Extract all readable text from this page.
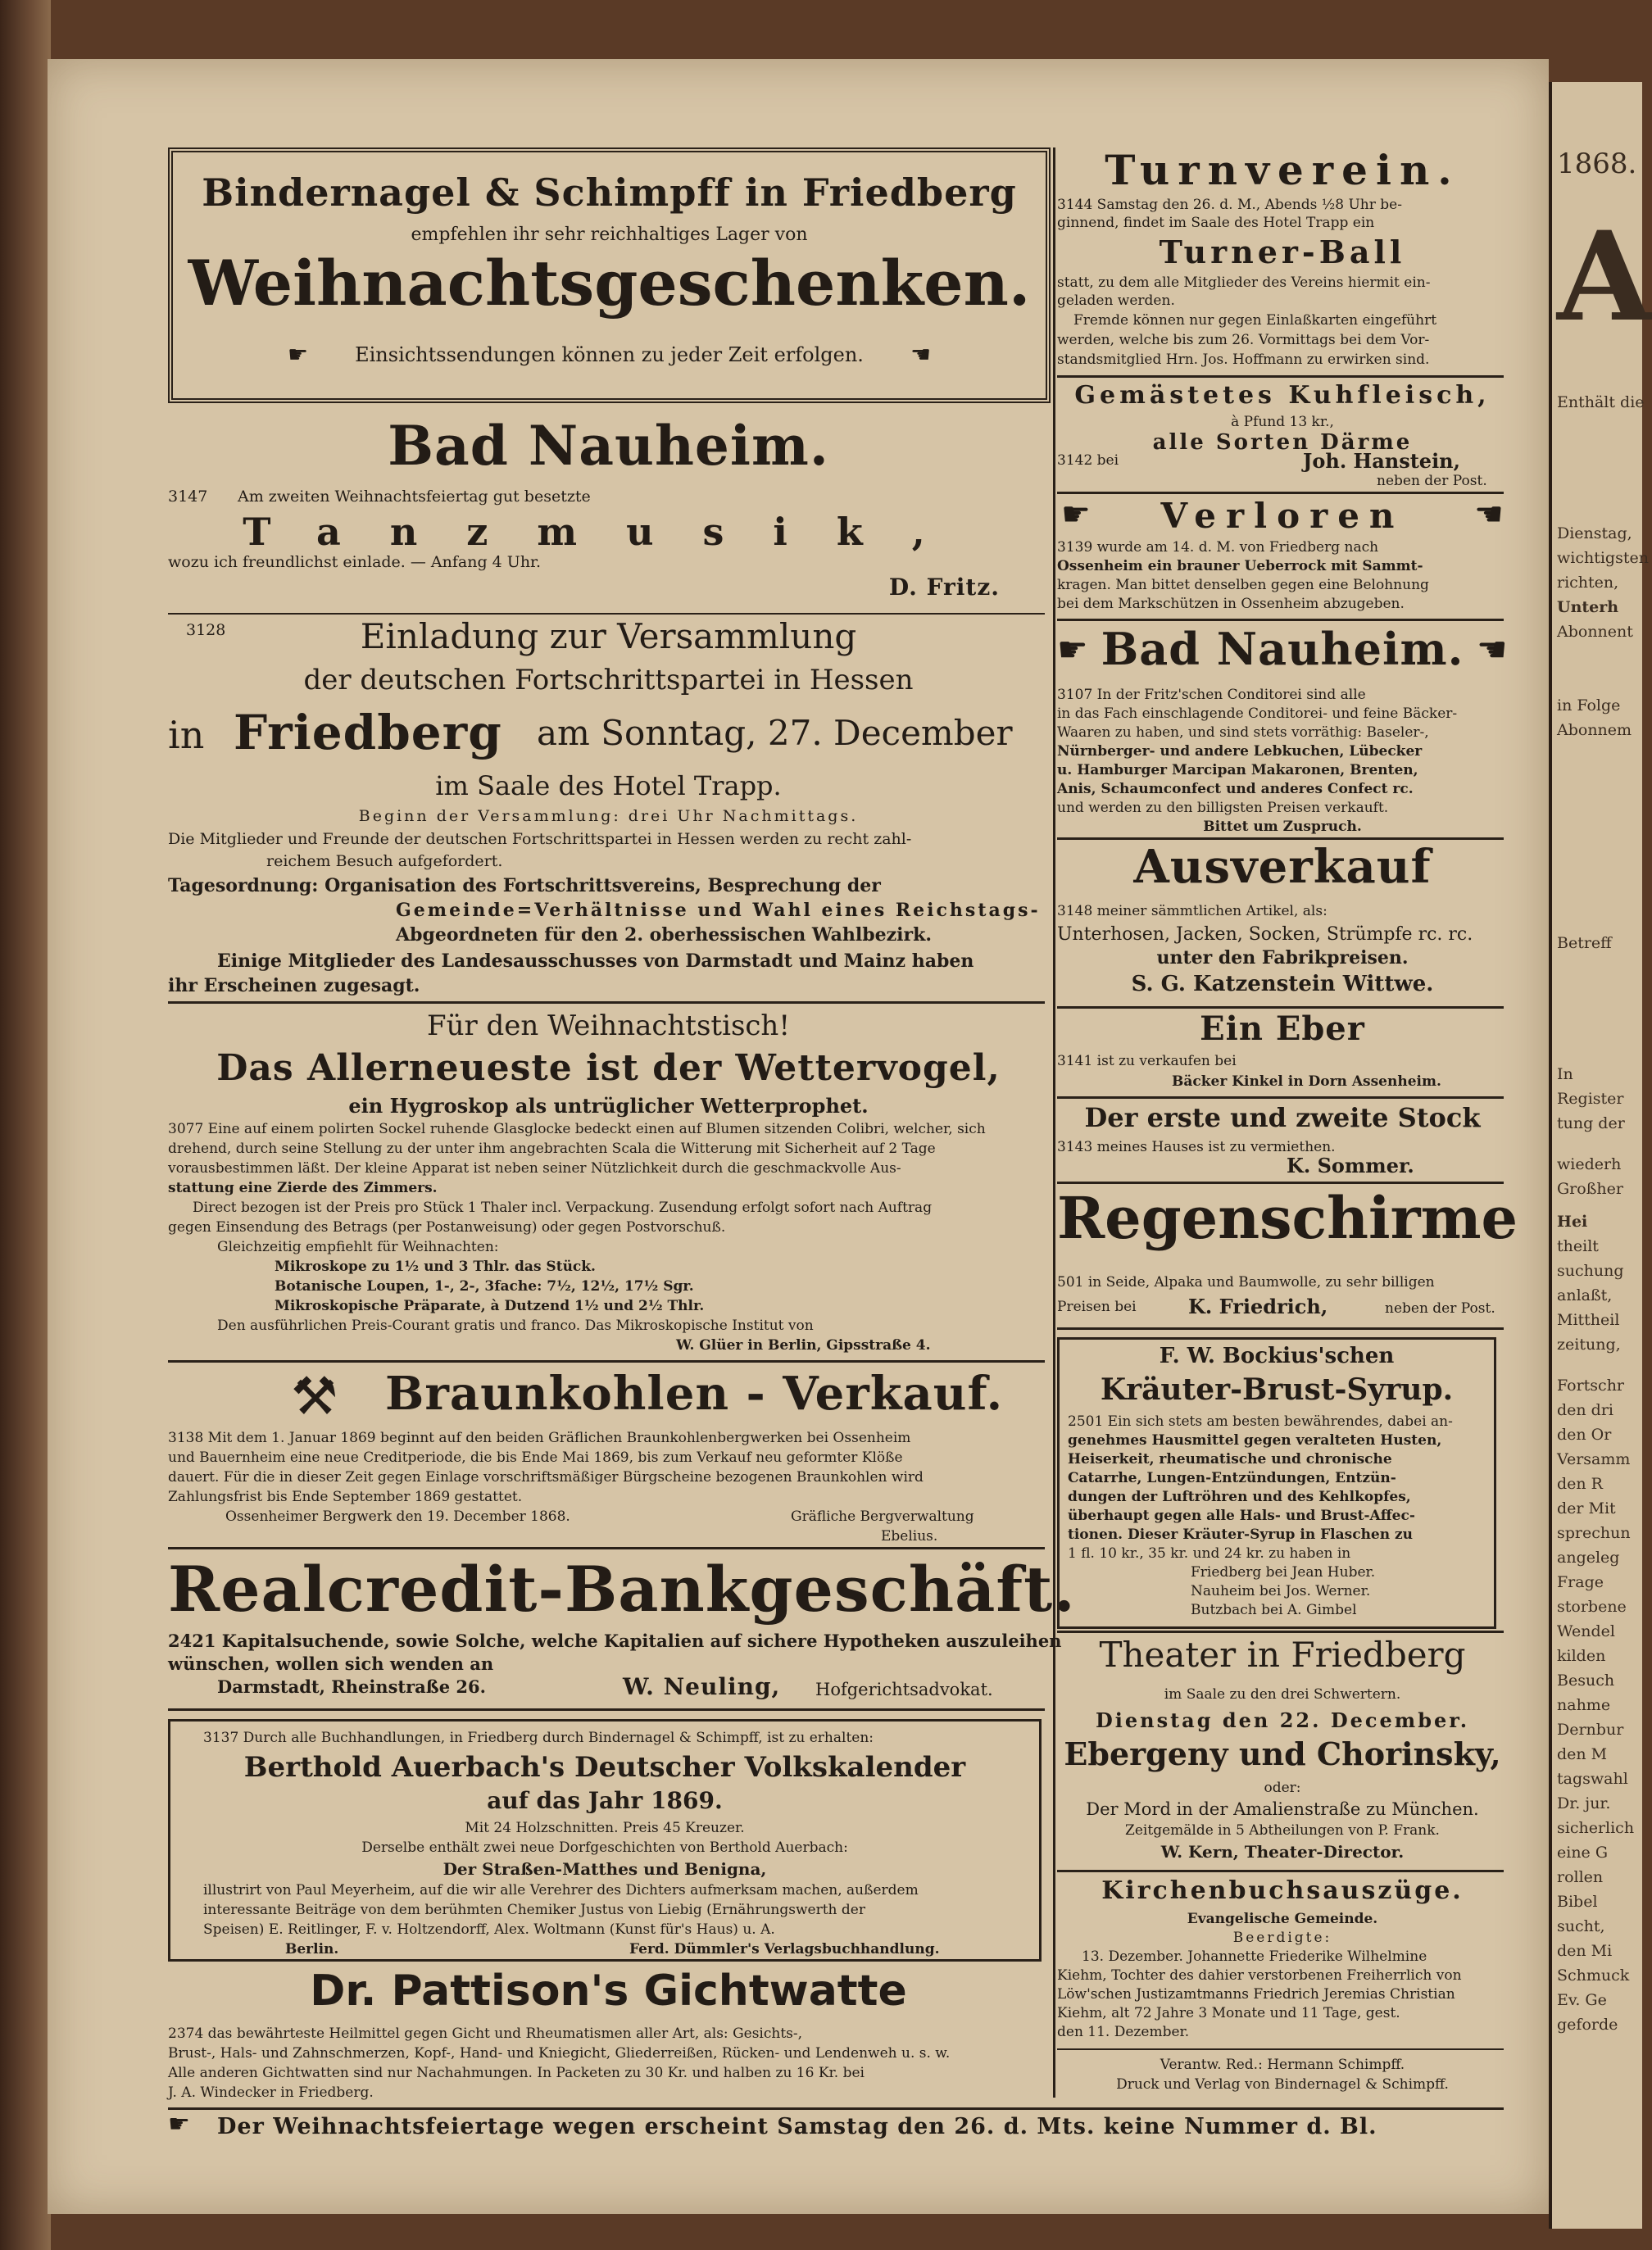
1868.
A
Enthält die
Dienstag,
wichtigsten
richten,
Unterh
Abonnent
in Folge
Abonnem
Betreff
In
Register
tung der
wiederh
Großher
Hei
theilt
suchung
anlaßt,
Mittheil
zeitung,
Fortschr
den dri
den Or
Versamm
den R
der Mit
sprechun
angeleg
Frage
storbene
Wendel
kilden
Besuch
nahme
Dernbur
den M
tagswahl
Dr. jur.
sicherlich
eine G
rollen
Bibel
sucht,
den Mi
Schmuck
Ev. Ge
geforde
Bindernagel & Schimpff in Friedberg
empfehlen ihr sehr reichhaltiges Lager von
Weihnachtsgeschenken.
☛	Einsichtssendungen können zu jeder Zeit erfolgen.	☛
Bad Nauheim.
3147 Am zweiten Weihnachtsfeiertag gut besetzte
Tanzmusik,
wozu ich freundlichst einlade. — Anfang 4 Uhr.
D. Fritz.
3128	Einladung zur Versammlung
der deutschen Fortschrittspartei in Hessen
in Friedberg am Sonntag, 27. December
im Saale des Hotel Trapp.
Beginn der Versammlung: drei Uhr Nachmittags.
Die Mitglieder und Freunde der deutschen Fortschrittspartei in Hessen werden zu recht zahl-
reichem Besuch aufgefordert.
Tagesordnung: Organisation des Fortschrittsvereins, Besprechung der
Gemeinde=Verhältnisse und Wahl eines Reichstags-
Abgeordneten für den 2. oberhessischen Wahlbezirk.
Einige Mitglieder des Landesausschusses von Darmstadt und Mainz haben
ihr Erscheinen zugesagt.
Für den Weihnachtstisch!
Das Allerneueste ist der Wettervogel,
ein Hygroskop als untrüglicher Wetterprophet.
3077 Eine auf einem polirten Sockel ruhende Glasglocke bedeckt einen auf Blumen sitzenden Colibri, welcher, sich
drehend, durch seine Stellung zu der unter ihm angebrachten Scala die Witterung mit Sicherheit auf 2 Tage
vorausbestimmen läßt. Der kleine Apparat ist neben seiner Nützlichkeit durch die geschmackvolle Aus-
stattung eine Zierde des Zimmers.
Direct bezogen ist der Preis pro Stück 1 Thaler incl. Verpackung. Zusendung erfolgt sofort nach Auftrag
gegen Einsendung des Betrags (per Postanweisung) oder gegen Postvorschuß.
Gleichzeitig empfiehlt für Weihnachten:
Mikroskope zu 1½ und 3 Thlr. das Stück.
Botanische Loupen, 1-, 2-, 3fache: 7½, 12½, 17½ Sgr.
Mikroskopische Präparate, à Dutzend 1½ und 2½ Thlr.
Den ausführlichen Preis-Courant gratis und franco. Das Mikroskopische Institut von
W. Glüer in Berlin, Gipsstraße 4.
⚒ Braunkohlen - Verkauf.
3138 Mit dem 1. Januar 1869 beginnt auf den beiden Gräflichen Braunkohlenbergwerken bei Ossenheim
und Bauernheim eine neue Creditperiode, die bis Ende Mai 1869, bis zum Verkauf neu geformter Klöße
dauert. Für die in dieser Zeit gegen Einlage vorschriftsmäßiger Bürgscheine bezogenen Braunkohlen wird
Zahlungsfrist bis Ende September 1869 gestattet.
Ossenheimer Bergwerk den 19. December 1868.	Gräfliche Bergverwaltung
Ebelius.
Realcredit-Bankgeschäft.
2421 Kapitalsuchende, sowie Solche, welche Kapitalien auf sichere Hypotheken auszuleihen
wünschen, wollen sich wenden an
Darmstadt, Rheinstraße 26.	W. Neuling, Hofgerichtsadvokat.
3137 Durch alle Buchhandlungen, in Friedberg durch Bindernagel & Schimpff, ist zu erhalten:
Berthold Auerbach's Deutscher Volkskalender
auf das Jahr 1869.
Mit 24 Holzschnitten. Preis 45 Kreuzer.
Derselbe enthält zwei neue Dorfgeschichten von Berthold Auerbach:
Der Straßen-Matthes und Benigna,
illustrirt von Paul Meyerheim, auf die wir alle Verehrer des Dichters aufmerksam machen, außerdem
interessante Beiträge von dem berühmten Chemiker Justus von Liebig (Ernährungswerth der
Speisen) E. Reitlinger, F. v. Holtzendorff, Alex. Woltmann (Kunst für's Haus) u. A.
Berlin.	Ferd. Dümmler's Verlagsbuchhandlung.
Dr. Pattison's Gichtwatte
2374 das bewährteste Heilmittel gegen Gicht und Rheumatismen aller Art, als: Gesichts-,
Brust-, Hals- und Zahnschmerzen, Kopf-, Hand- und Kniegicht, Gliederreißen, Rücken- und Lendenweh u. s. w.
Alle anderen Gichtwatten sind nur Nachahmungen. In Packeten zu 30 Kr. und halben zu 16 Kr. bei
J. A. Windecker in Friedberg.
☛ Der Weihnachtsfeiertage wegen erscheint Samstag den 26. d. Mts. keine Nummer d. Bl.
Turnverein.
3144 Samstag den 26. d. M., Abends ½8 Uhr be-
ginnend, findet im Saale des Hotel Trapp ein
Turner-Ball
statt, zu dem alle Mitglieder des Vereins hiermit ein-
geladen werden.
Fremde können nur gegen Einlaßkarten eingeführt
werden, welche bis zum 26. Vormittags bei dem Vor-
standsmitglied Hrn. Jos. Hoffmann zu erwirken sind.
Gemästetes Kuhfleisch,
à Pfund 13 kr.,
alle Sorten Därme
3142 bei	Joh. Hanstein,
neben der Post.
☛	Verloren	☛
3139 wurde am 14. d. M. von Friedberg nach
Ossenheim ein brauner Ueberrock mit Sammt-
kragen. Man bittet denselben gegen eine Belohnung
bei dem Markschützen in Ossenheim abzugeben.
☛ Bad Nauheim. ☛
3107 In der Fritz'schen Conditorei sind alle
in das Fach einschlagende Conditorei- und feine Bäcker-
Waaren zu haben, und sind stets vorräthig: Baseler-,
Nürnberger- und andere Lebkuchen, Lübecker
u. Hamburger Marcipan Makaronen, Brenten,
Anis, Schaumconfect und anderes Confect rc.
und werden zu den billigsten Preisen verkauft.
Bittet um Zuspruch.
Ausverkauf
3148 meiner sämmtlichen Artikel, als:
Unterhosen, Jacken, Socken, Strümpfe rc. rc.
unter den Fabrikpreisen.
S. G. Katzenstein Wittwe.
Ein Eber
3141 ist zu verkaufen bei
Bäcker Kinkel in Dorn Assenheim.
Der erste und zweite Stock
3143 meines Hauses ist zu vermiethen.
K. Sommer.
Regenschirme
501 in Seide, Alpaka und Baumwolle, zu sehr billigen
Preisen bei	K. Friedrich,	neben der Post.
F. W. Bockius'schen
Kräuter-Brust-Syrup.
2501 Ein sich stets am besten bewährendes, dabei an-
genehmes Hausmittel gegen veralteten Husten,
Heiserkeit, rheumatische und chronische
Catarrhe, Lungen-Entzündungen, Entzün-
dungen der Luftröhren und des Kehlkopfes,
überhaupt gegen alle Hals- und Brust-Affec-
tionen. Dieser Kräuter-Syrup in Flaschen zu
1 fl. 10 kr., 35 kr. und 24 kr. zu haben in
Friedberg bei Jean Huber.
Nauheim bei Jos. Werner.
Butzbach bei A. Gimbel
Theater in Friedberg
im Saale zu den drei Schwertern.
Dienstag den 22. December.
Ebergeny und Chorinsky,
oder:
Der Mord in der Amalienstraße zu München.
Zeitgemälde in 5 Abtheilungen von P. Frank.
W. Kern, Theater-Director.
Kirchenbuchsauszüge.
Evangelische Gemeinde.
Beerdigte:
13. Dezember. Johannette Friederike Wilhelmine
Kiehm, Tochter des dahier verstorbenen Freiherrlich von
Löw'schen Justizamtmanns Friedrich Jeremias Christian
Kiehm, alt 72 Jahre 3 Monate und 11 Tage, gest.
den 11. Dezember.
Verantw. Red.: Hermann Schimpff.
Druck und Verlag von Bindernagel & Schimpff.
